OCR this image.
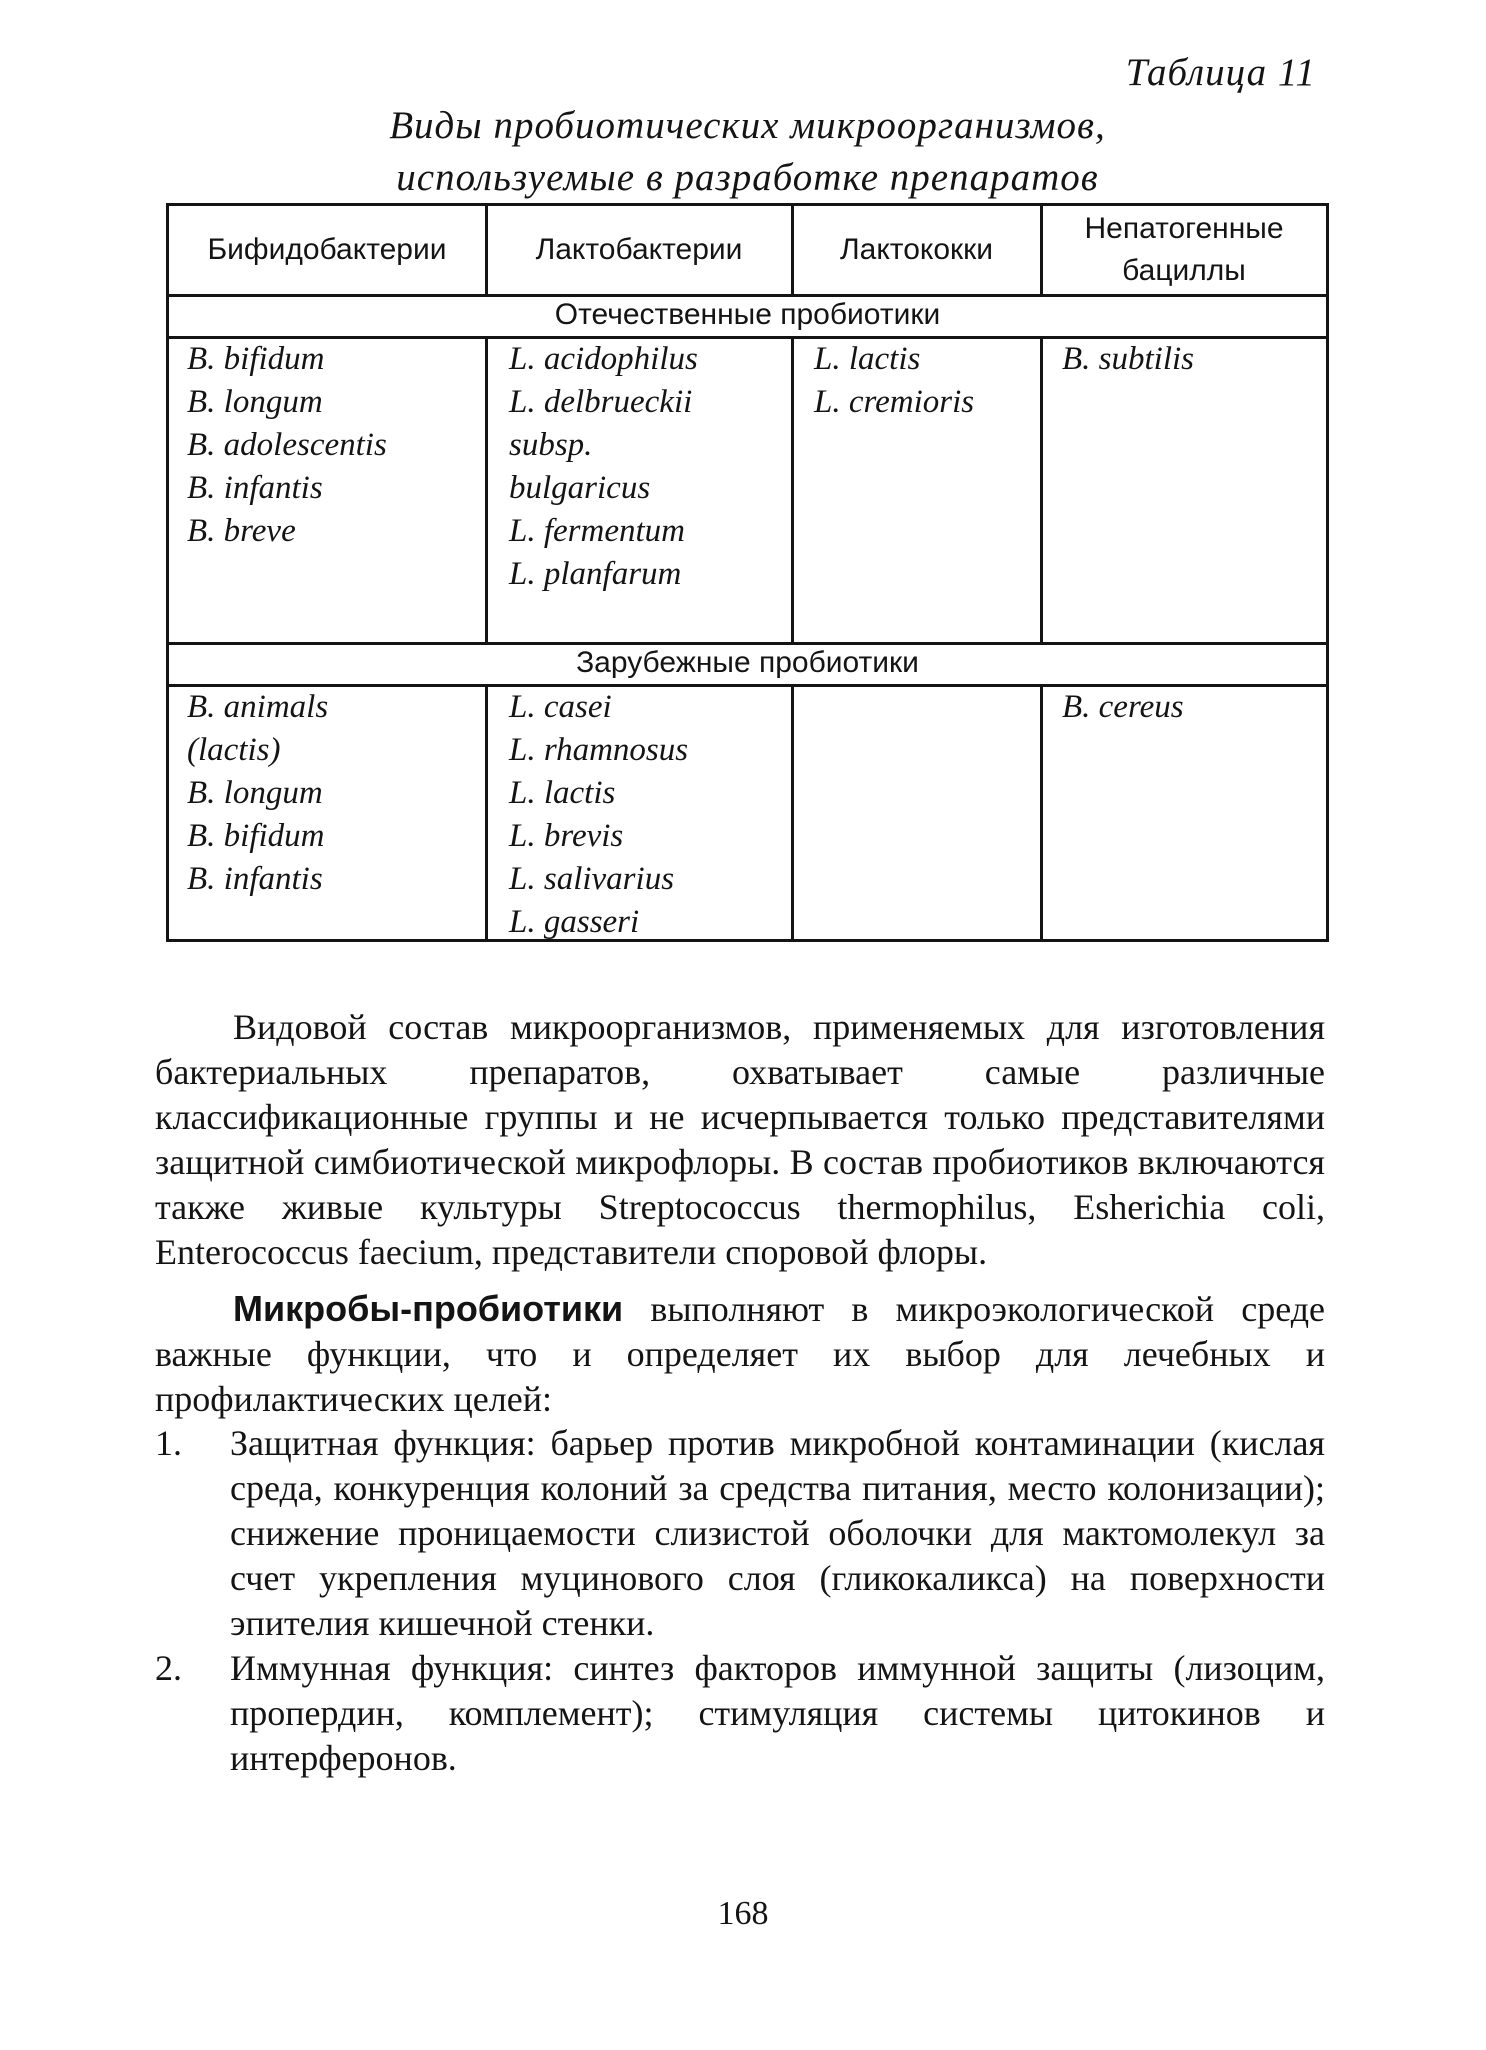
Таблица 11
Виды пробиотических микроорганизмов,
используемые в разработке препаратов
Бифидобактерии	Лактобактерии	Лактококки
Непатогенные бациллы
Отечественные пробиотики
Зарубежные пробиотики
B. bifidum
B. longum
B. adolescentis
B. infantis
B. breve
L. acidophilus
L. delbrueckii
subsp.
bulgaricus
L. fermentum
L. planfarum
L. lactis
L. cremioris
B. subtilis
B. animals
(lactis)
B. longum
B. bifidum
B. infantis
L. casei
L. rhamnosus
L. lactis
L. brevis
L. salivarius
L. gasseri
B. cereus
Видовой состав микроорганизмов, применяемых для изготовления бактериальных препаратов, охватывает самые различные классификационные группы и не исчерпывается только представителями защитной симбиотической микрофлоры. В состав пробиотиков включаются также живые культуры Streptococcus thermophilus, Esherichia coli, Enterococcus faecium, представители споровой флоры.
Микробы-пробиотики выполняют в микроэкологической среде важные функции, что и определяет их выбор для лечебных и профилактических целей:
1. Защитная функция: барьер против микробной контаминации (кислая среда, конкуренция колоний за средства питания, место колонизации); снижение проницаемости слизистой оболочки для мактомолекул за счет укрепления муцинового слоя (гликокаликса) на поверхности эпителия кишечной стенки.
2. Иммунная функция: синтез факторов иммунной защиты (лизоцим, пропердин, комплемент); стимуляция системы цитокинов и интерферонов.
168
